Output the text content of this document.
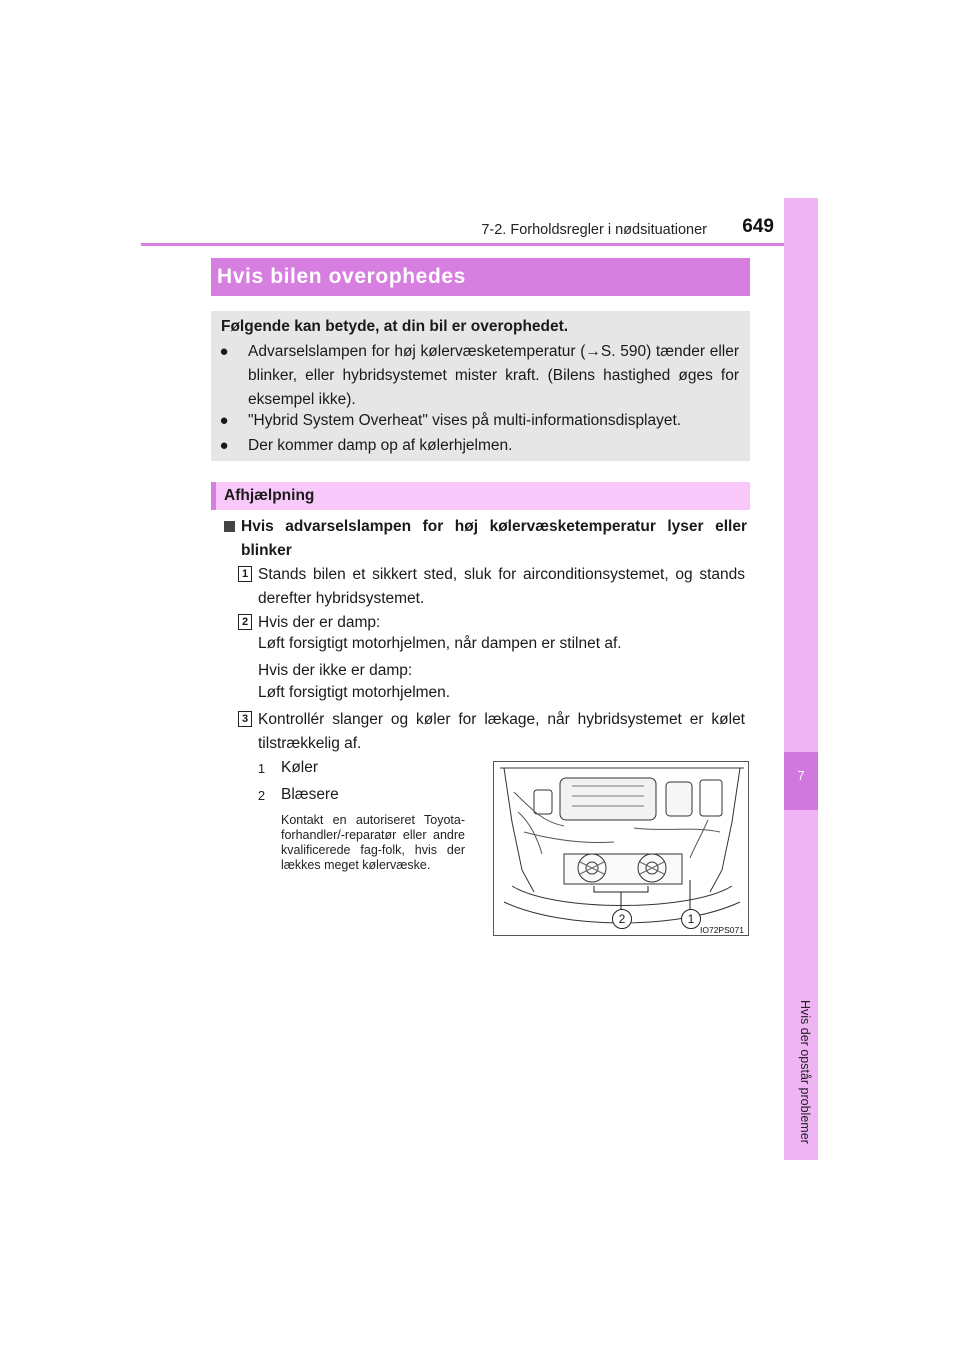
7-2. Forholdsregler i nødsituationer	649
7
Hvis der opstår problemer
Hvis bilen overophedes
Følgende kan betyde, at din bil er overophedet.
● Advarselslampen for høj kølervæsketemperatur (→S. 590) tænder eller blinker, eller hybridsystemet mister kraft. (Bilens hastighed øges for eksempel ikke).
● "Hybrid System Overheat" vises på multi-informationsdisplayet.
● Der kommer damp op af kølerhjelmen.
Afhjælpning
Hvis advarselslampen for høj kølervæsketemperatur lyser eller blinker
1 Stands bilen et sikkert sted, sluk for airconditionsystemet, og stands derefter hybridsystemet.
2 Hvis der er damp:
Løft forsigtigt motorhjelmen, når dampen er stilnet af.
Hvis der ikke er damp:
Løft forsigtigt motorhjelmen.
3 Kontrollér slanger og køler for lækage, når hybridsystemet er kølet tilstrækkelig af.
1	Køler
2	Blæsere
Kontakt en autoriseret Toyota-forhandler/-reparatør eller andre kvalificerede fag-folk, hvis der lækkes meget kølervæske.
2	1
IO72PS071
